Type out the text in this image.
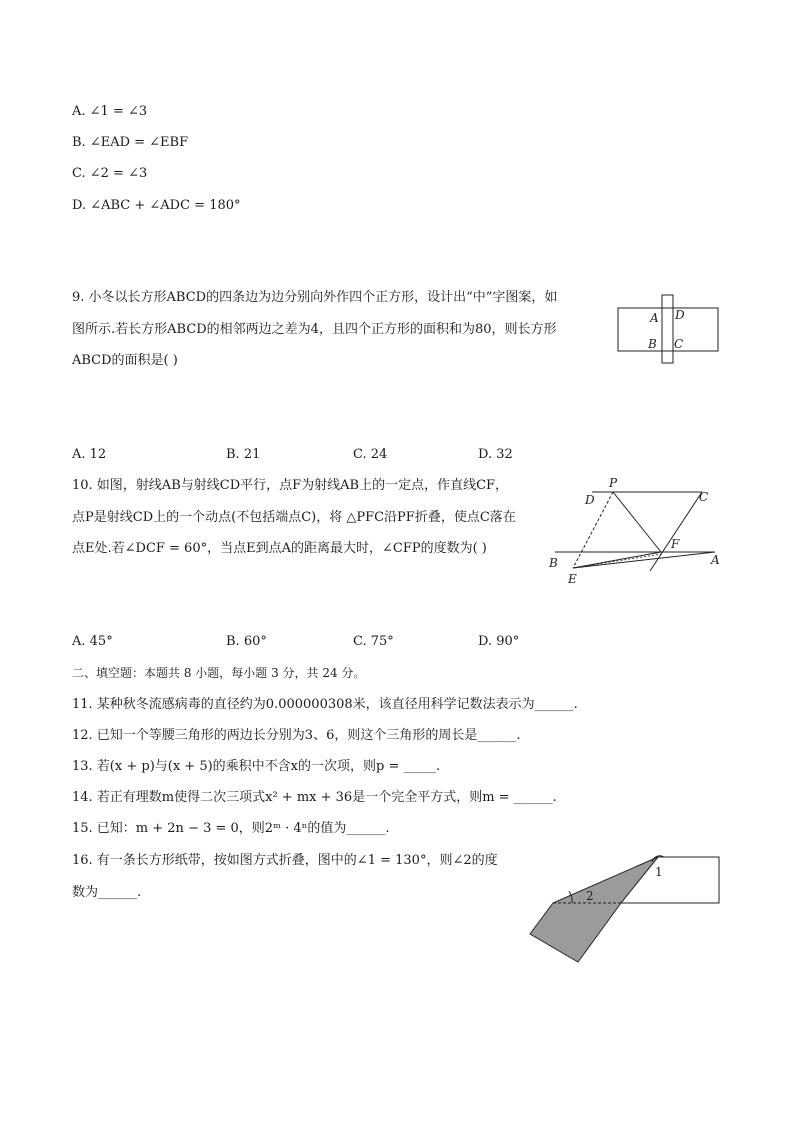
A. ∠1 = ∠3
B. ∠EAD = ∠EBF
C. ∠2 = ∠3
D. ∠ABC + ∠ADC = 180°
9. 小冬以长方形ABCD的四条边为边分别向外作四个正方形，设计出“中”字图案，如
图所示.若长方形ABCD的相邻两边之差为4，且四个正方形的面积和为80，则长方形
ABCD的面积是( )
A D
B C
A. 12	B. 21	C. 24	D. 32
10. 如图，射线AB与射线CD平行，点F为射线AB上的一定点，作直线CF，
点P是射线CD上的一个动点(不包括端点C)，将 △PFC沿PF折叠，使点C落在
点E处.若∠DCF = 60°，当点E到点A的距离最大时，∠CFP的度数为( )
P
D	C
F
B	A
E
A. 45°	B. 60°	C. 75°	D. 90°
二、填空题：本题共 8 小题，每小题 3 分，共 24 分。
11. 某种秋冬流感病毒的直径约为0.000000308米，该直径用科学记数法表示为______.
12. 已知一个等腰三角形的两边长分别为3、6，则这个三角形的周长是______.
13. 若(x + p)与(x + 5)的乘积中不含x的一次项，则p = _____.
14. 若正有理数m使得二次三项式x² + mx + 36是一个完全平方式，则m = ______.
15. 已知：m + 2n − 3 = 0，则2ᵐ · 4ⁿ的值为______.
16. 有一条长方形纸带，按如图方式折叠，图中的∠1 = 130°，则∠2的度
数为______.
1
2
